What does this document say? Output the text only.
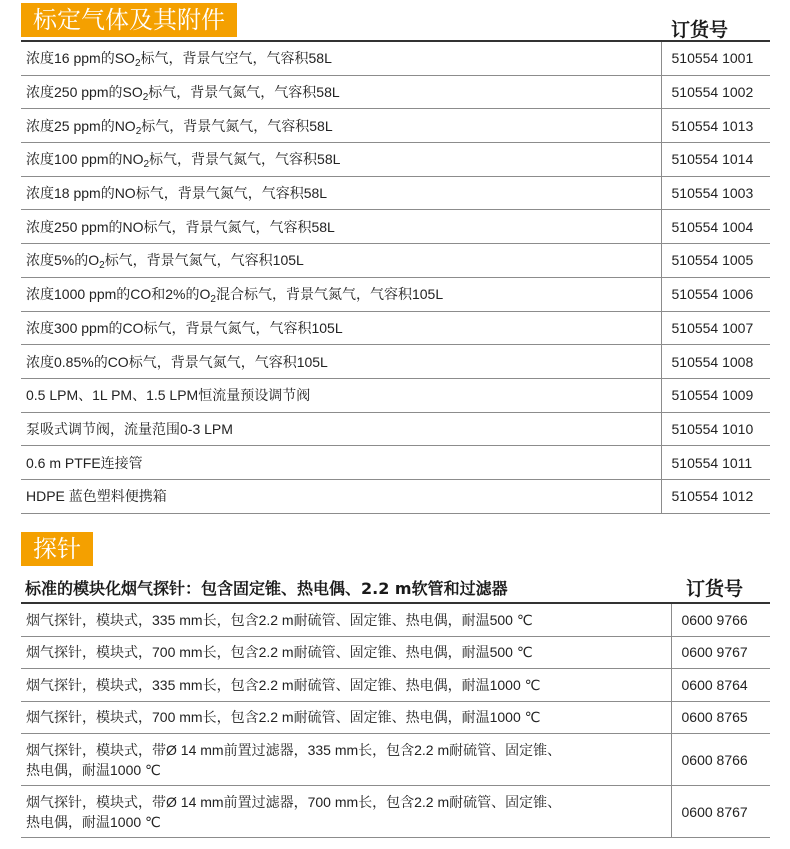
标定气体及其附件	订货号
浓度16 ppm的$SO_2$标气，背景气空气，气容积58L	510554 1001
浓度250 ppm的$SO_2$标气，背景气氮气，气容积58L	510554 1002
浓度25 ppm的$NO_2$标气，背景气氮气，气容积58L	510554 1013
浓度100 ppm的$NO_2$标气，背景气氮气，气容积58L	510554 1014
浓度18 ppm的NO标气，背景气氮气，气容积58L	510554 1003
浓度250 ppm的NO标气，背景气氮气，气容积58L	510554 1004
浓度5%的$O_2$标气，背景气氮气，气容积105L	510554 1005
浓度1000 ppm的CO和2%的$O_2$混合标气，背景气氮气，气容积105L	510554 1006
浓度300 ppm的CO标气，背景气氮气，气容积105L	510554 1007
浓度0.85%的CO标气，背景气氮气，气容积105L	510554 1008
0.5 LPM、1L PM、1.5 LPM恒流量预设调节阀	510554 1009
泵吸式调节阀，流量范围0-3 LPM	510554 1010
0.6 m PTFE连接管	510554 1011
HDPE 蓝色塑料便携箱	510554 1012
探针
标准的模块化烟气探针：包含固定锥、热电偶、2.2 m软管和过滤器	订货号
烟气探针，模块式，335 mm长，包含2.2 m耐硫管、固定锥、热电偶，耐温500 ℃	0600 9766
烟气探针，模块式，700 mm长，包含2.2 m耐硫管、固定锥、热电偶，耐温500 ℃	0600 9767
烟气探针，模块式，335 mm长，包含2.2 m耐硫管、固定锥、热电偶，耐温1000 ℃	0600 8764
烟气探针，模块式，700 mm长，包含2.2 m耐硫管、固定锥、热电偶，耐温1000 ℃	0600 8765

烟气探针，模块式，带Ø 14 mm前置过滤器，335 mm长，包含2.2 m耐硫管、固定锥、
热电偶，耐温1000 ℃	0600 8766

烟气探针，模块式，带Ø 14 mm前置过滤器，700 mm长，包含2.2 m耐硫管、固定锥、
热电偶，耐温1000 ℃	0600 8767
